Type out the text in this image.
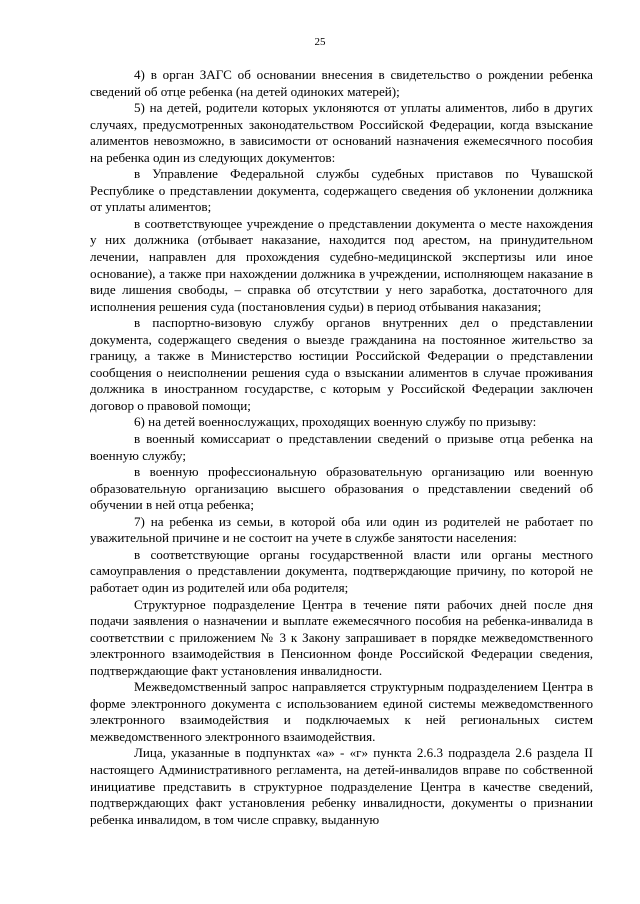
25

4) в орган ЗАГС об основании внесения в свидетельство о рождении ребенка сведений об отце ребенка (на детей одиноких матерей);

5) на детей, родители которых уклоняются от уплаты алиментов, либо в других случаях, предусмотренных законодательством Российской Федерации, когда взыскание алиментов невозможно, в зависимости от оснований назначения ежемесячного пособия на ребенка один из следующих документов:

в Управление Федеральной службы судебных приставов по Чувашской Республике о представлении документа, содержащего сведения об уклонении должника от уплаты алиментов;

в соответствующее учреждение о представлении документа о месте нахождения у них должника (отбывает наказание, находится под арестом, на принудительном лечении, направлен для прохождения судебно-медицинской экспертизы или иное основание), а также при нахождении должника в учреждении, исполняющем наказание в виде лишения свободы, – справка об отсутствии у него заработка, достаточного для исполнения решения суда (постановления судьи) в период отбывания наказания;

в паспортно-визовую службу органов внутренних дел о представлении документа, содержащего сведения о выезде гражданина на постоянное жительство за границу, а также в Министерство юстиции Российской Федерации о представлении сообщения о неисполнении решения суда о взыскании алиментов в случае проживания должника в иностранном государстве, с которым у Российской Федерации заключен договор о правовой помощи;

6) на детей военнослужащих, проходящих военную службу по призыву:

в военный комиссариат о представлении сведений о призыве отца ребенка на военную службу;

в военную профессиональную образовательную организацию или военную образовательную организацию высшего образования о представлении сведений об обучении в ней отца ребенка;

7) на ребенка из семьи, в которой оба или один из родителей не работает по уважительной причине и не состоит на учете в службе занятости населения:

в соответствующие органы государственной власти или органы местного самоуправления о представлении документа, подтверждающие причину, по которой не работает один из родителей или оба родителя;

Структурное подразделение Центра в течение пяти рабочих дней после дня подачи заявления о назначении и выплате ежемесячного пособия на ребенка-инвалида в соответствии с приложением № 3 к Закону запрашивает в порядке межведомственного электронного взаимодействия в Пенсионном фонде Российской Федерации сведения, подтверждающие факт установления инвалидности.

Межведомственный запрос направляется структурным подразделением Центра в форме электронного документа с использованием единой системы межведомственного электронного взаимодействия и подключаемых к ней региональных систем межведомственного электронного взаимодействия.

Лица, указанные в подпунктах «а» - «г» пункта 2.6.3 подраздела 2.6 раздела II настоящего Административного регламента, на детей-инвалидов вправе по собственной инициативе представить в структурное подразделение Центра в качестве сведений, подтверждающих факт установления ребенку инвалидности, документы о признании ребенка инвалидом, в том числе справку, выданную
